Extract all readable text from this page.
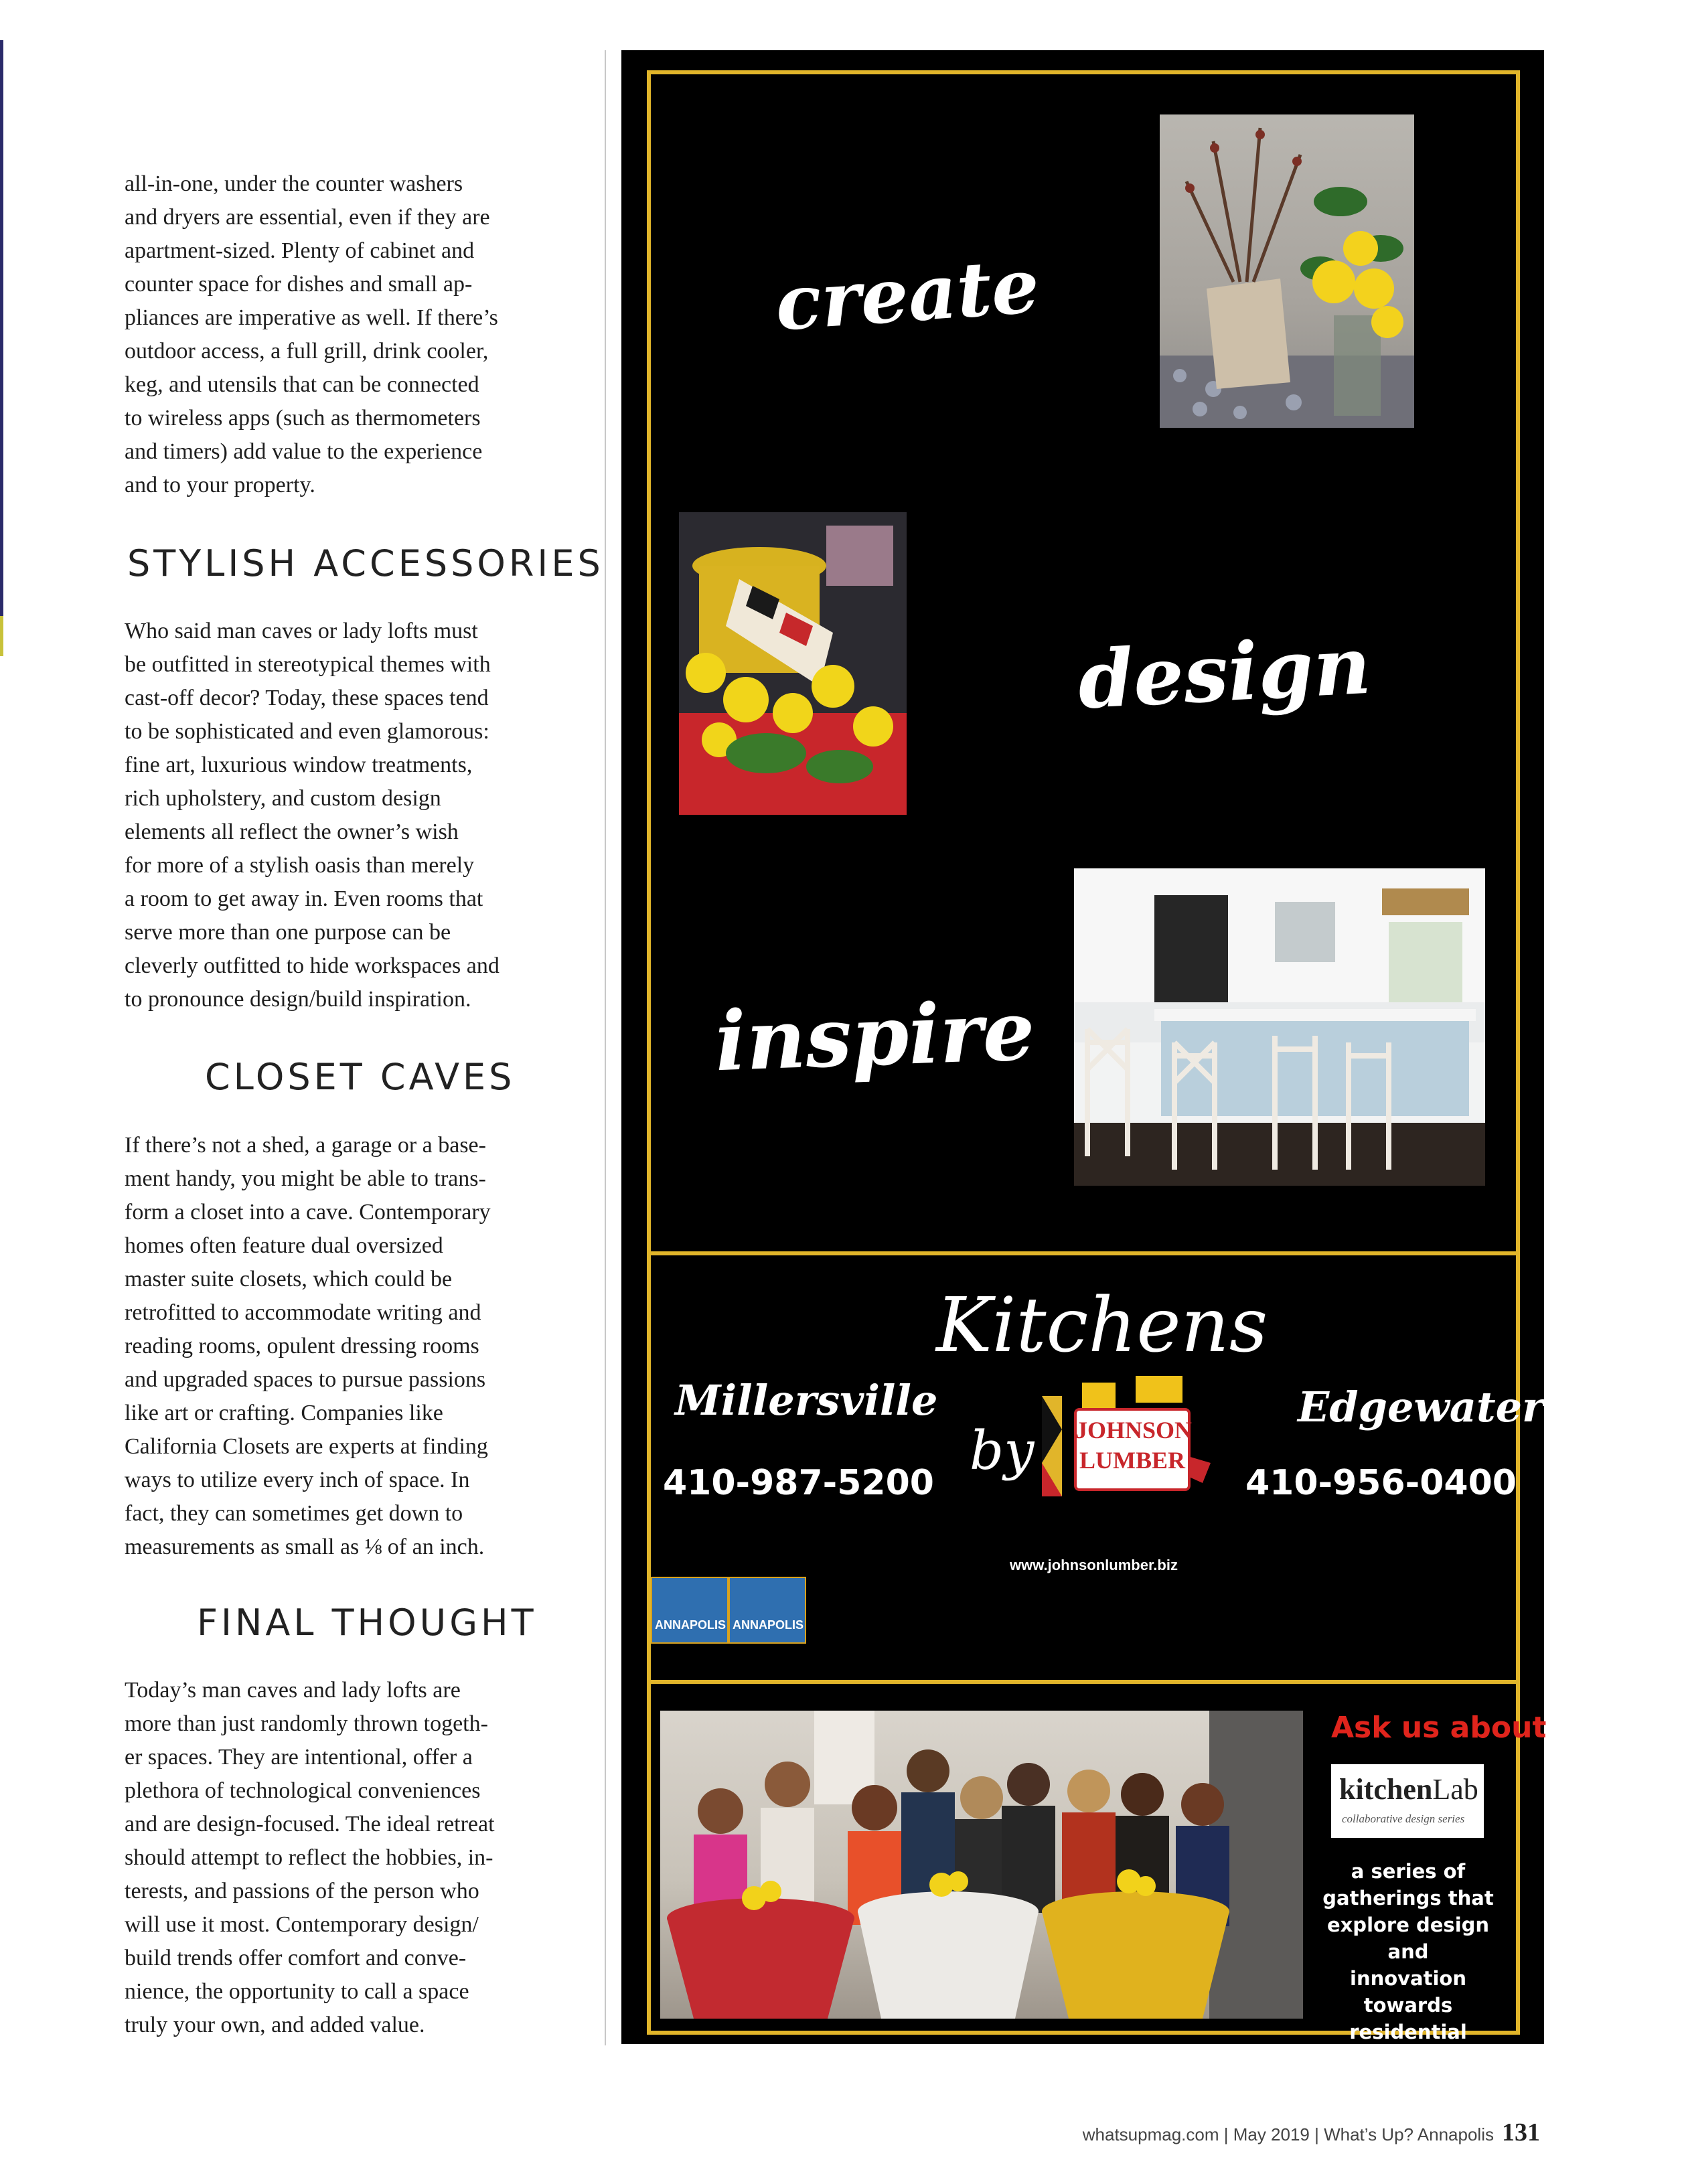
all-in-one, under the counter washers
and dryers are essential, even if they are
apartment-sized. Plenty of cabinet and
counter space for dishes and small ap-
pliances are imperative as well. If there’s
outdoor access, a full grill, drink cooler,
keg, and utensils that can be connected
to wireless apps (such as thermometers
and timers) add value to the experience
and to your property.

STYLISH ACCESSORIES

Who said man caves or lady lofts must
be outfitted in stereotypical themes with
cast-off decor? Today, these spaces tend
to be sophisticated and even glamorous:
fine art, luxurious window treatments,
rich upholstery, and custom design
elements all reflect the owner’s wish
for more of a stylish oasis than merely
a room to get away in. Even rooms that
serve more than one purpose can be
cleverly outfitted to hide workspaces and
to pronounce design/build inspiration.

CLOSET CAVES

If there’s not a shed, a garage or a base-
ment handy, you might be able to trans-
form a closet into a cave. Contemporary
homes often feature dual oversized
master suite closets, which could be
retrofitted to accommodate writing and
reading rooms, opulent dressing rooms
and upgraded spaces to pursue passions
like art or crafting. Companies like
California Closets are experts at finding
ways to utilize every inch of space. In
fact, they can sometimes get down to
measurements as small as ⅛ of an inch.

FINAL THOUGHT

Today’s man caves and lady lofts are
more than just randomly thrown togeth-
er spaces. They are intentional, offer a
plethora of technological conveniences
and are design-focused. The ideal retreat
should attempt to reflect the hobbies, in-
terests, and passions of the person who
will use it most. Contemporary design/
build trends offer comfort and conve-
nience, the opportunity to call a space
truly your own, and added value.

create
design
inspire
Kitchens
by JOHNSON
LUMBER
Millersville
410-987-5200
Edgewater
410-956-0400
www.johnsonlumber.biz
ANNAPOLIS ANNAPOLIS
Ask us about
kitchenLab
collaborative design series
a series of
gatherings that
explore design and
innovation towards
residential spaces.
whatsupmag.com | May 2019 | What’s Up? Annapolis 131
